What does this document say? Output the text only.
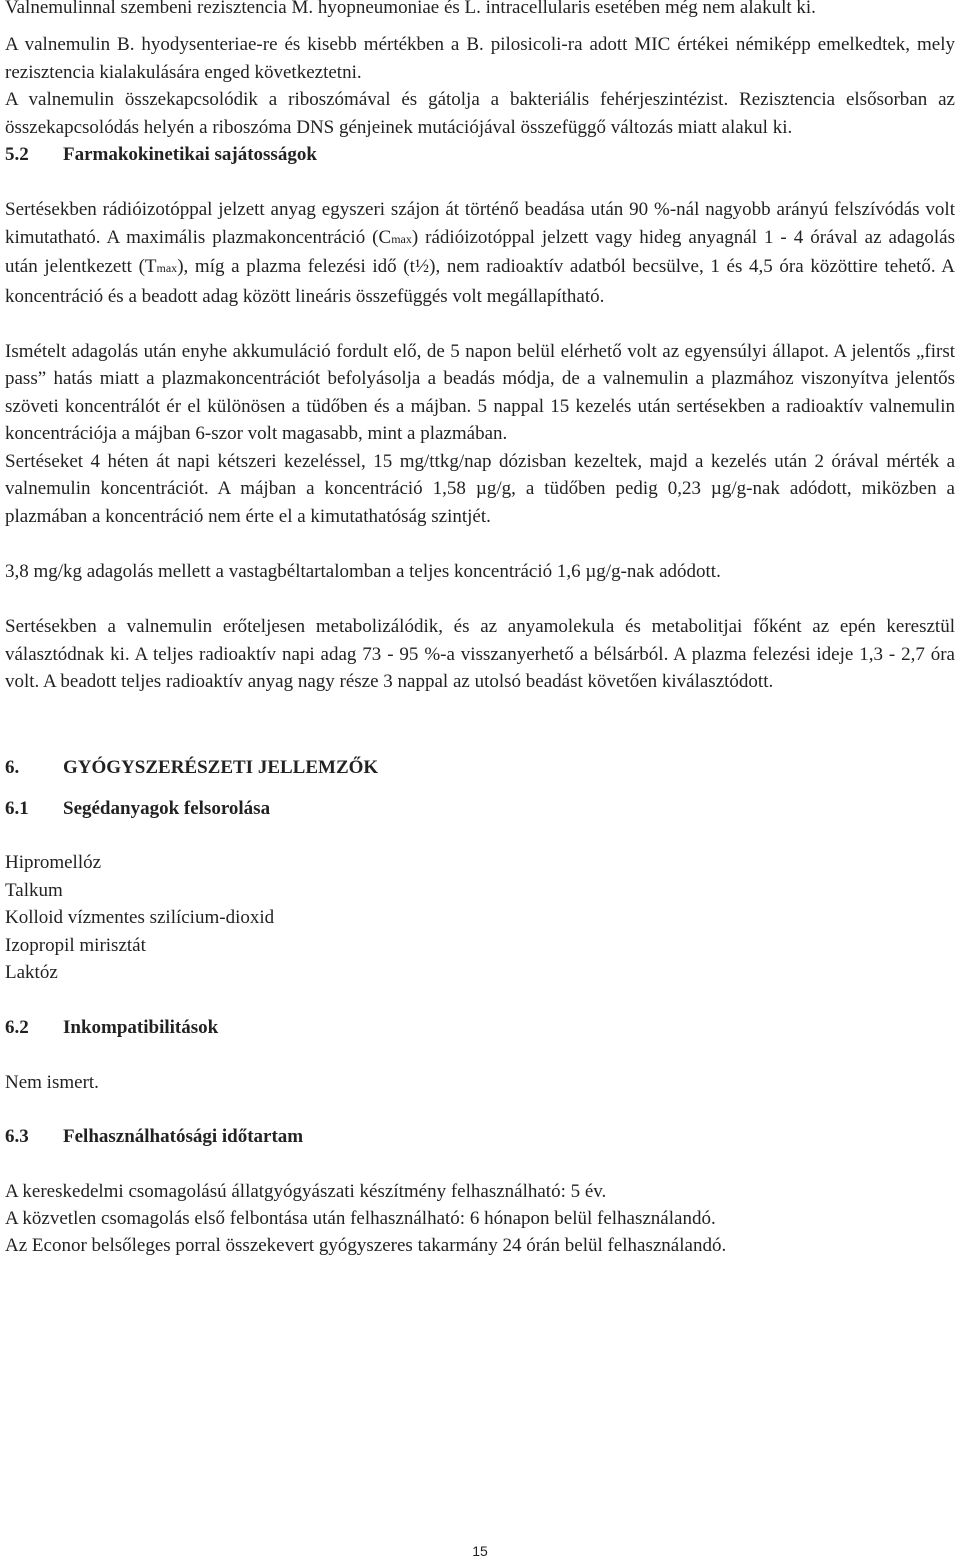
Valnemulinnal szembeni rezisztencia M. hyopneumoniae és L. intracellularis esetében még nem alakult ki.

A valnemulin B. hyodysenteriae-re és kisebb mértékben a B. pilosicoli-ra adott MIC értékei némiképp emelkedtek, mely rezisztencia kialakulására enged következtetni.

A valnemulin összekapcsolódik a riboszómával és gátolja a bakteriális fehérjeszintézist. Rezisztencia elsősorban az összekapcsolódás helyén a riboszóma DNS génjeinek mutációjával összefüggő változás miatt alakul ki.

5.2 Farmakokinetikai sajátosságok

Sertésekben rádióizotóppal jelzett anyag egyszeri szájon át történő beadása után 90 %-nál nagyobb arányú felszívódás volt kimutatható. A maximális plazmakoncentráció (Cmax) rádióizotóppal jelzett vagy hideg anyagnál 1 - 4 órával az adagolás után jelentkezett (Tmax), míg a plazma felezési idő (t½), nem radioaktív adatból becsülve, 1 és 4,5 óra közöttire tehető. A koncentráció és a beadott adag között lineáris összefüggés volt megállapítható.

Ismételt adagolás után enyhe akkumuláció fordult elő, de 5 napon belül elérhető volt az egyensúlyi állapot. A jelentős „first pass” hatás miatt a plazmakoncentrációt befolyásolja a beadás módja, de a valnemulin a plazmához viszonyítva jelentős szöveti koncentrálót ér el különösen a tüdőben és a májban. 5 nappal 15 kezelés után sertésekben a radioaktív valnemulin koncentrációja a májban 6-szor volt magasabb, mint a plazmában.

Sertéseket 4 héten át napi kétszeri kezeléssel, 15 mg/ttkg/nap dózisban kezeltek, majd a kezelés után 2 órával mérték a valnemulin koncentrációt. A májban a koncentráció 1,58 µg/g, a tüdőben pedig 0,23 µg/g-nak adódott, miközben a plazmában a koncentráció nem érte el a kimutathatóság szintjét.

3,8 mg/kg adagolás mellett a vastagbéltartalomban a teljes koncentráció 1,6 µg/g-nak adódott.

Sertésekben a valnemulin erőteljesen metabolizálódik, és az anyamolekula és metabolitjai főként az epén keresztül választódnak ki. A teljes radioaktív napi adag 73 - 95 %-a visszanyerhető a bélsárból. A plazma felezési ideje 1,3 - 2,7 óra volt. A beadott teljes radioaktív anyag nagy része 3 nappal az utolsó beadást követően kiválasztódott.

6. GYÓGYSZERÉSZETI JELLEMZŐK

6.1 Segédanyagok felsorolása

Hipromellóz
Talkum
Kolloid vízmentes szilícium-dioxid
Izopropil mirisztát
Laktóz

6.2 Inkompatibilitások

Nem ismert.

6.3 Felhasználhatósági időtartam

A kereskedelmi csomagolású állatgyógyászati készítmény felhasználható: 5 év.
A közvetlen csomagolás első felbontása után felhasználható: 6 hónapon belül felhasználandó.
Az Econor belsőleges porral összekevert gyógyszeres takarmány 24 órán belül felhasználandó.
15
